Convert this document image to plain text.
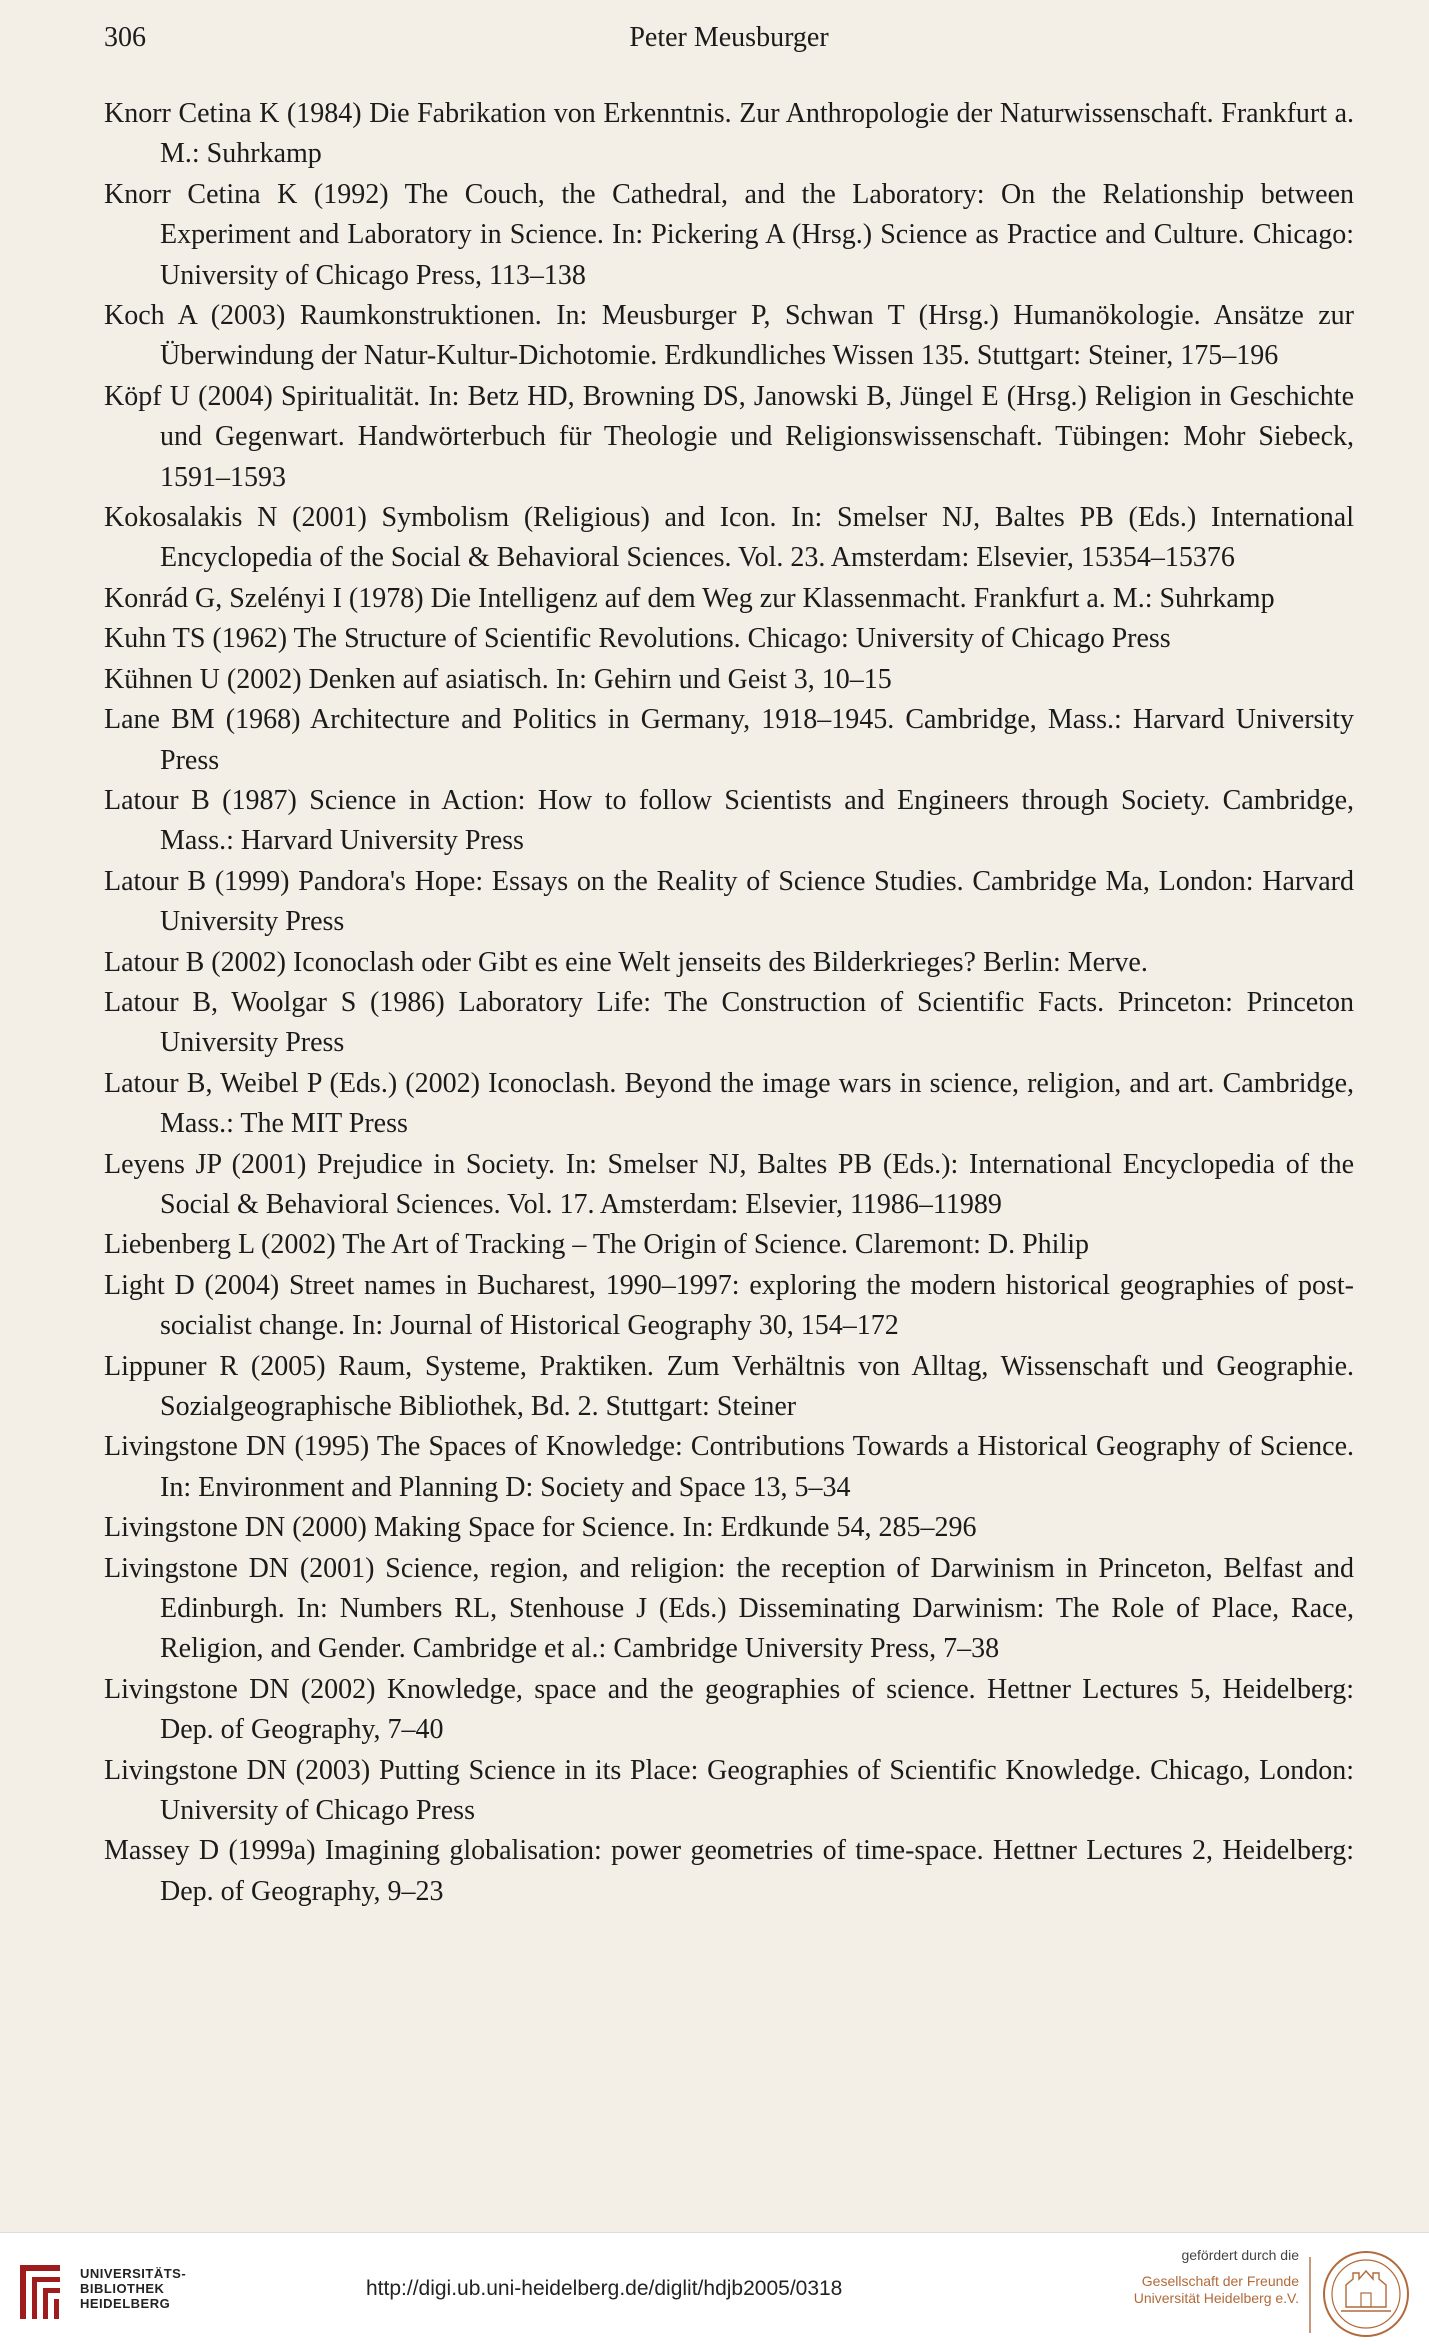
306	Peter Meusburger
Knorr Cetina K (1984) Die Fabrikation von Erkenntnis. Zur Anthropologie der Naturwissenschaft. Frankfurt a. M.: Suhrkamp
Knorr Cetina K (1992) The Couch, the Cathedral, and the Laboratory: On the Relationship between Experiment and Laboratory in Science. In: Pickering A (Hrsg.) Science as Practice and Culture. Chicago: University of Chicago Press, 113–138
Koch A (2003) Raumkonstruktionen. In: Meusburger P, Schwan T (Hrsg.) Humanökologie. Ansätze zur Überwindung der Natur-Kultur-Dichotomie. Erdkundliches Wissen 135. Stuttgart: Steiner, 175–196
Köpf U (2004) Spiritualität. In: Betz HD, Browning DS, Janowski B, Jüngel E (Hrsg.) Religion in Geschichte und Gegenwart. Handwörterbuch für Theologie und Religionswissenschaft. Tübingen: Mohr Siebeck, 1591–1593
Kokosalakis N (2001) Symbolism (Religious) and Icon. In: Smelser NJ, Baltes PB (Eds.) International Encyclopedia of the Social & Behavioral Sciences. Vol. 23. Amsterdam: Elsevier, 15354–15376
Konrád G, Szelényi I (1978) Die Intelligenz auf dem Weg zur Klassenmacht. Frankfurt a. M.: Suhrkamp
Kuhn TS (1962) The Structure of Scientific Revolutions. Chicago: University of Chicago Press
Kühnen U (2002) Denken auf asiatisch. In: Gehirn und Geist 3, 10–15
Lane BM (1968) Architecture and Politics in Germany, 1918–1945. Cambridge, Mass.: Harvard University Press
Latour B (1987) Science in Action: How to follow Scientists and Engineers through Society. Cambridge, Mass.: Harvard University Press
Latour B (1999) Pandora's Hope: Essays on the Reality of Science Studies. Cambridge Ma, London: Harvard University Press
Latour B (2002) Iconoclash oder Gibt es eine Welt jenseits des Bilderkrieges? Berlin: Merve.
Latour B, Woolgar S (1986) Laboratory Life: The Construction of Scientific Facts. Princeton: Princeton University Press
Latour B, Weibel P (Eds.) (2002) Iconoclash. Beyond the image wars in science, religion, and art. Cambridge, Mass.: The MIT Press
Leyens JP (2001) Prejudice in Society. In: Smelser NJ, Baltes PB (Eds.): International Encyclopedia of the Social & Behavioral Sciences. Vol. 17. Amsterdam: Elsevier, 11986–11989
Liebenberg L (2002) The Art of Tracking – The Origin of Science. Claremont: D. Philip
Light D (2004) Street names in Bucharest, 1990–1997: exploring the modern historical geographies of post-socialist change. In: Journal of Historical Geography 30, 154–172
Lippuner R (2005) Raum, Systeme, Praktiken. Zum Verhältnis von Alltag, Wissenschaft und Geographie. Sozialgeographische Bibliothek, Bd. 2. Stuttgart: Steiner
Livingstone DN (1995) The Spaces of Knowledge: Contributions Towards a Historical Geography of Science. In: Environment and Planning D: Society and Space 13, 5–34
Livingstone DN (2000) Making Space for Science. In: Erdkunde 54, 285–296
Livingstone DN (2001) Science, region, and religion: the reception of Darwinism in Princeton, Belfast and Edinburgh. In: Numbers RL, Stenhouse J (Eds.) Disseminating Darwinism: The Role of Place, Race, Religion, and Gender. Cambridge et al.: Cambridge University Press, 7–38
Livingstone DN (2002) Knowledge, space and the geographies of science. Hettner Lectures 5, Heidelberg: Dep. of Geography, 7–40
Livingstone DN (2003) Putting Science in its Place: Geographies of Scientific Knowledge. Chicago, London: University of Chicago Press
Massey D (1999a) Imagining globalisation: power geometries of time-space. Hettner Lectures 2, Heidelberg: Dep. of Geography, 9–23
UNIVERSITÄTS-
BIBLIOTHEK
HEIDELBERG
http://digi.ub.uni-heidelberg.de/diglit/hdjb2005/0318
gefördert durch die
Gesellschaft der Freunde
Universität Heidelberg e.V.
